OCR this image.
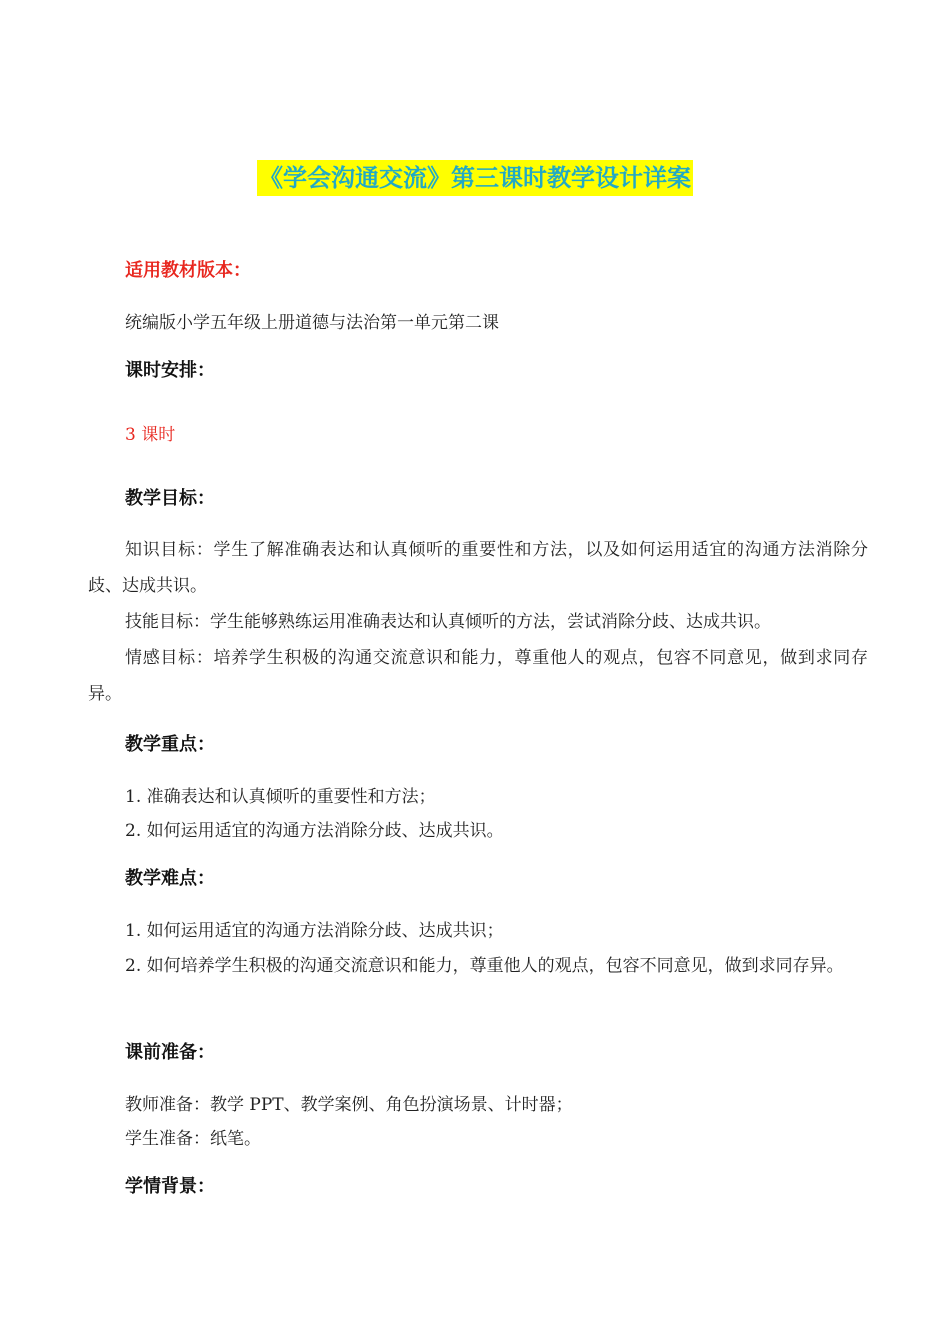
《学会沟通交流》第三课时教学设计详案
适用教材版本：
统编版小学五年级上册道德与法治第一单元第二课
课时安排：
3 课时
教学目标：
知识目标：学生了解准确表达和认真倾听的重要性和方法，以及如何运用适宜的沟通方法消除分歧、达成共识。
技能目标：学生能够熟练运用准确表达和认真倾听的方法，尝试消除分歧、达成共识。
情感目标：培养学生积极的沟通交流意识和能力，尊重他人的观点，包容不同意见，做到求同存异。
教学重点：
1. 准确表达和认真倾听的重要性和方法；
2. 如何运用适宜的沟通方法消除分歧、达成共识。
教学难点：
1. 如何运用适宜的沟通方法消除分歧、达成共识；
2. 如何培养学生积极的沟通交流意识和能力，尊重他人的观点，包容不同意见，做到求同存异。
课前准备：
教师准备：教学 PPT、教学案例、角色扮演场景、计时器；
学生准备：纸笔。
学情背景：
